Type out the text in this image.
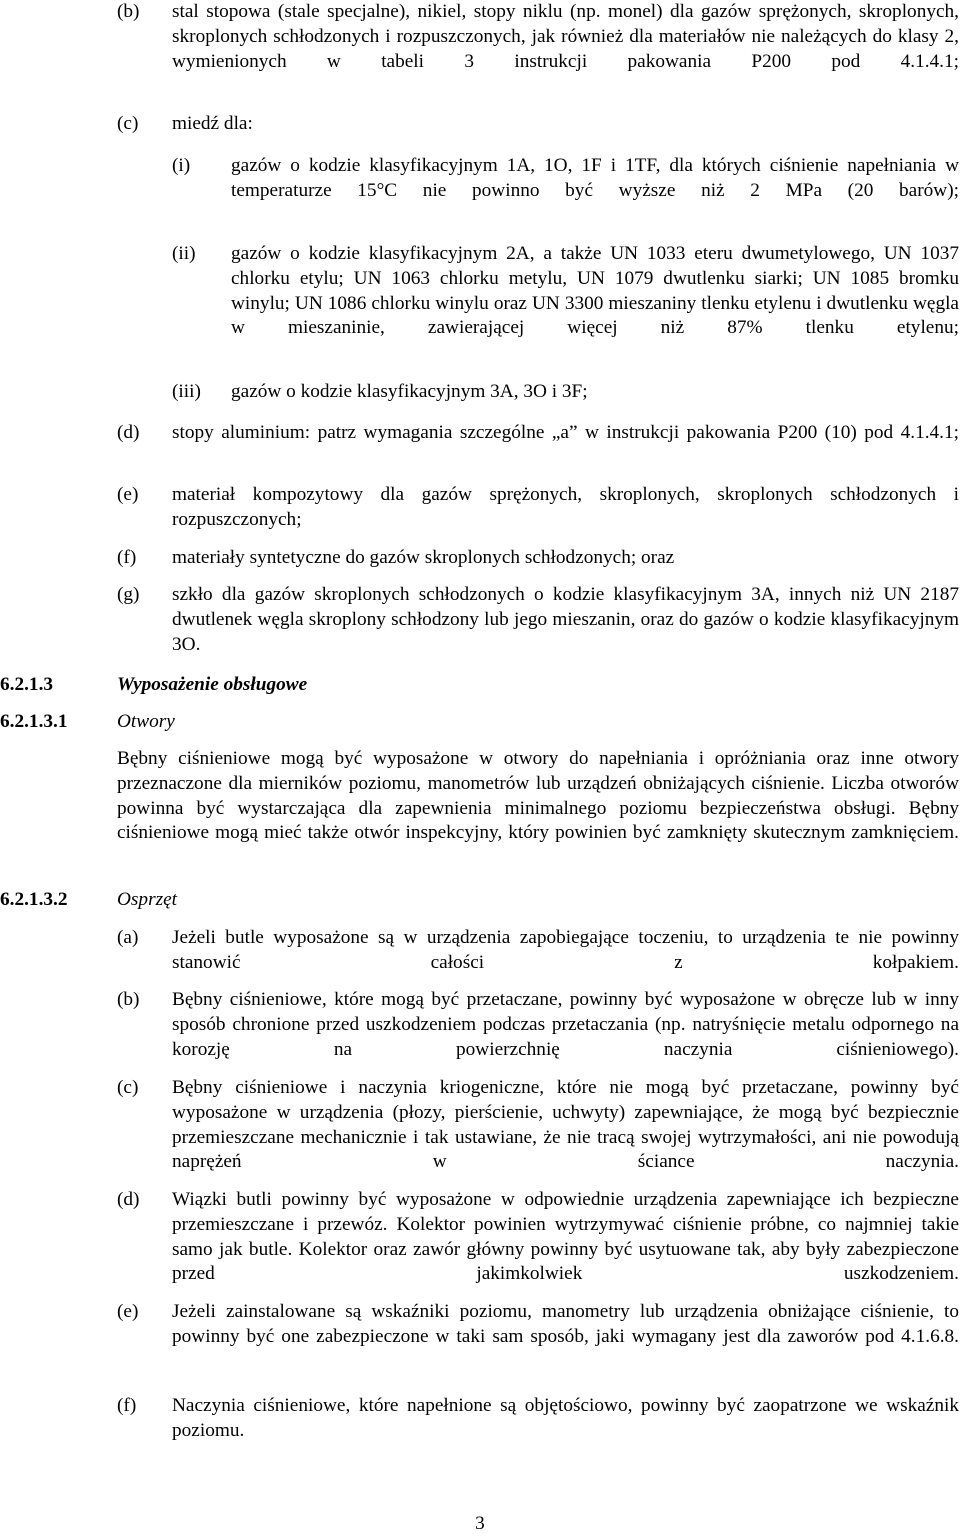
(b) stal stopowa (stale specjalne), nikiel, stopy niklu (np. monel) dla gazów sprężonych, skroplonych, skroplonych schłodzonych i rozpuszczonych, jak również dla materiałów nie należących do klasy 2, wymienionych w tabeli 3 instrukcji pakowania P200 pod 4.1.4.1;

(c) miedź dla:

(i) gazów o kodzie klasyfikacyjnym 1A, 1O, 1F i 1TF, dla których ciśnienie napełniania w temperaturze 15°C nie powinno być wyższe niż 2 MPa (20 barów);

(ii) gazów o kodzie klasyfikacyjnym 2A, a także UN 1033 eteru dwumetylowego, UN 1037 chlorku etylu; UN 1063 chlorku metylu, UN 1079 dwutlenku siarki; UN 1085 bromku winylu; UN 1086 chlorku winylu oraz UN 3300 mieszaniny tlenku etylenu i dwutlenku węgla w mieszaninie, zawierającej więcej niż 87% tlenku etylenu;

(iii) gazów o kodzie klasyfikacyjnym 3A, 3O i 3F;

(d) stopy aluminium: patrz wymagania szczególne „a” w instrukcji pakowania P200 (10) pod 4.1.4.1;

(e) materiał kompozytowy dla gazów sprężonych, skroplonych, skroplonych schłodzonych i rozpuszczonych;

(f) materiały syntetyczne do gazów skroplonych schłodzonych; oraz

(g) szkło dla gazów skroplonych schłodzonych o kodzie klasyfikacyjnym 3A, innych niż UN 2187 dwutlenek węgla skroplony schłodzony lub jego mieszanin, oraz do gazów o kodzie klasyfikacyjnym 3O.

6.2.1.3	Wyposażenie obsługowe
6.2.1.3.1	Otwory

Bębny ciśnieniowe mogą być wyposażone w otwory do napełniania i opróżniania oraz inne otwory przeznaczone dla mierników poziomu, manometrów lub urządzeń obniżających ciśnienie. Liczba otworów powinna być wystarczająca dla zapewnienia minimalnego poziomu bezpieczeństwa obsługi. Bębny ciśnieniowe mogą mieć także otwór inspekcyjny, który powinien być zamknięty skutecznym zamknięciem.

6.2.1.3.2	Osprzęt
(a) Jeżeli butle wyposażone są w urządzenia zapobiegające toczeniu, to urządzenia te nie powinny stanowić całości z kołpakiem.

(b) Bębny ciśnieniowe, które mogą być przetaczane, powinny być wyposażone w obręcze lub w inny sposób chronione przed uszkodzeniem podczas przetaczania (np. natryśnięcie metalu odpornego na korozję na powierzchnię naczynia ciśnieniowego).

(c) Bębny ciśnieniowe i naczynia kriogeniczne, które nie mogą być przetaczane, powinny być wyposażone w urządzenia (płozy, pierścienie, uchwyty) zapewniające, że mogą być bezpiecznie przemieszczane mechanicznie i tak ustawiane, że nie tracą swojej wytrzymałości, ani nie powodują naprężeń w ściance naczynia.

(d) Wiązki butli powinny być wyposażone w odpowiednie urządzenia zapewniające ich bezpieczne przemieszczane i przewóz. Kolektor powinien wytrzymywać ciśnienie próbne, co najmniej takie samo jak butle. Kolektor oraz zawór główny powinny być usytuowane tak, aby były zabezpieczone przed jakimkolwiek uszkodzeniem.

(e) Jeżeli zainstalowane są wskaźniki poziomu, manometry lub urządzenia obniżające ciśnienie, to powinny być one zabezpieczone w taki sam sposób, jaki wymagany jest dla zaworów pod 4.1.6.8.

(f) Naczynia ciśnieniowe, które napełnione są objętościowo, powinny być zaopatrzone we wskaźnik poziomu.

3
